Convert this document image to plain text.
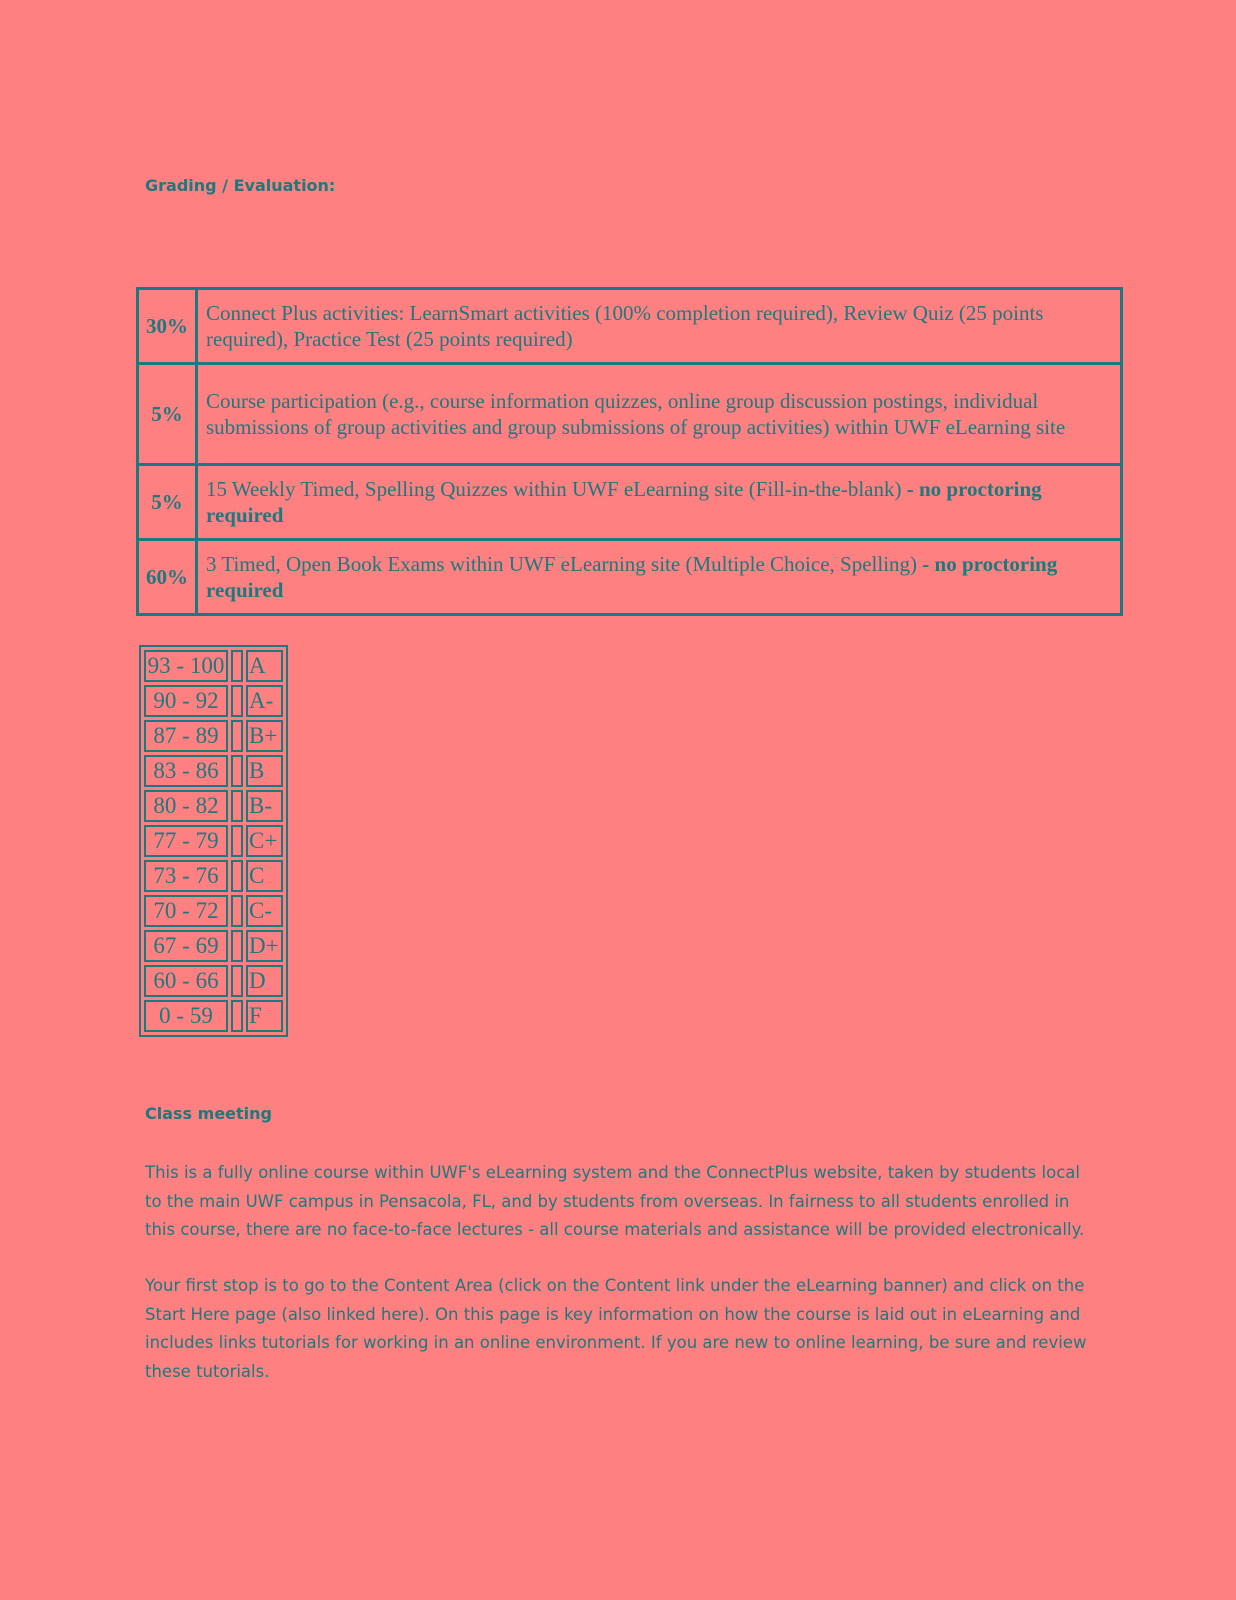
Grading / Evaluation:
30%	Connect Plus activities: LearnSmart activities (100% completion required), Review Quiz (25 points required), Practice Test (25 points required)
5%	Course participation (e.g., course information quizzes, online group discussion postings, individual submissions of group activities and group submissions of group activities) within UWF eLearning site
5%	15 Weekly Timed, Spelling Quizzes within UWF eLearning site (Fill-in-the-blank) - no proctoring required
60%	3 Timed, Open Book Exams within UWF eLearning site (Multiple Choice, Spelling) - no proctoring required
93 - 100		A
90 - 92		A-
87 - 89		B+
83 - 86		B
80 - 82		B-
77 - 79		C+
73 - 76		C
70 - 72		C-
67 - 69		D+
60 - 66		D
0 - 59		F
Class meeting

This is a fully online course within UWF's eLearning system and the ConnectPlus website, taken by students local to the main UWF campus in Pensacola, FL, and by students from overseas. In fairness to all students enrolled in this course, there are no face-to-face lectures - all course materials and assistance will be provided electronically.

Your first stop is to go to the Content Area (click on the Content link under the eLearning banner) and click on the Start Here page (also linked here). On this page is key information on how the course is laid out in eLearning and includes links tutorials for working in an online environment. If you are new to online learning, be sure and review these tutorials.
